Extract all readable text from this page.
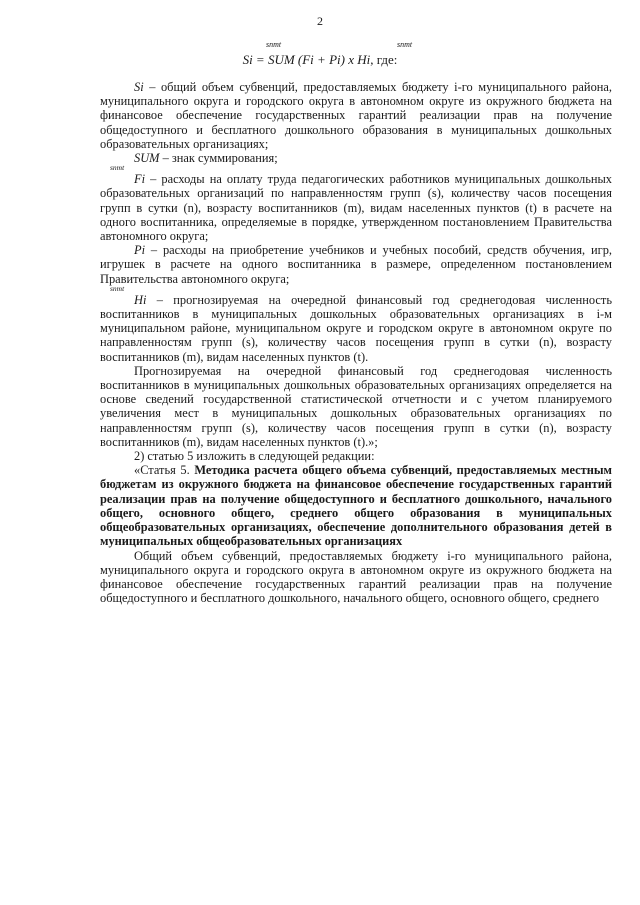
2
snmt	snmt
Si = SUM (Fi + Pi) x Hi, где:

Si – общий объем субвенций, предоставляемых бюджету i-го муниципального района, муниципального округа и городского округа в автономном округе из окружного бюджета на финансовое обеспечение государственных гарантий реализации прав на получение общедоступного и бесплатного дошкольного образования в муниципальных дошкольных образовательных организациях;

SUM – знак суммирования;

snmt

Fi – расходы на оплату труда педагогических работников муниципальных дошкольных образовательных организаций по направленностям групп (s), количеству часов посещения групп в сутки (n), возрасту воспитанников (m), видам населенных пунктов (t) в расчете на одного воспитанника, определяемые в порядке, утвержденном постановлением Правительства автономного округа;

Pi – расходы на приобретение учебников и учебных пособий, средств обучения, игр, игрушек в расчете на одного воспитанника в размере, определенном постановлением Правительства автономного округа;

snmt

Hi – прогнозируемая на очередной финансовый год среднегодовая численность воспитанников в муниципальных дошкольных образовательных организациях в i-м муниципальном районе, муниципальном округе и городском округе в автономном округе по направленностям групп (s), количеству часов посещения групп в сутки (n), возрасту воспитанников (m), видам населенных пунктов (t).

Прогнозируемая на очередной финансовый год среднегодовая численность воспитанников в муниципальных дошкольных образовательных организациях определяется на основе сведений государственной статистической отчетности и с учетом планируемого увеличения мест в муниципальных дошкольных образовательных организациях по направленностям групп (s), количеству часов посещения групп в сутки (n), возрасту воспитанников (m), видам населенных пунктов (t).»;

2) статью 5 изложить в следующей редакции:

«Статья 5. Методика расчета общего объема субвенций, предоставляемых местным бюджетам из окружного бюджета на финансовое обеспечение государственных гарантий реализации прав на получение общедоступного и бесплатного дошкольного, начального общего, основного общего, среднего общего образования в муниципальных общеобразовательных организациях, обеспечение дополнительного образования детей в муниципальных общеобразовательных организациях

Общий объем субвенций, предоставляемых бюджету i-го муниципального района, муниципального округа и городского округа в автономном округе из окружного бюджета на финансовое обеспечение государственных гарантий реализации прав на получение общедоступного и бесплатного дошкольного, начального общего, основного общего, среднего
